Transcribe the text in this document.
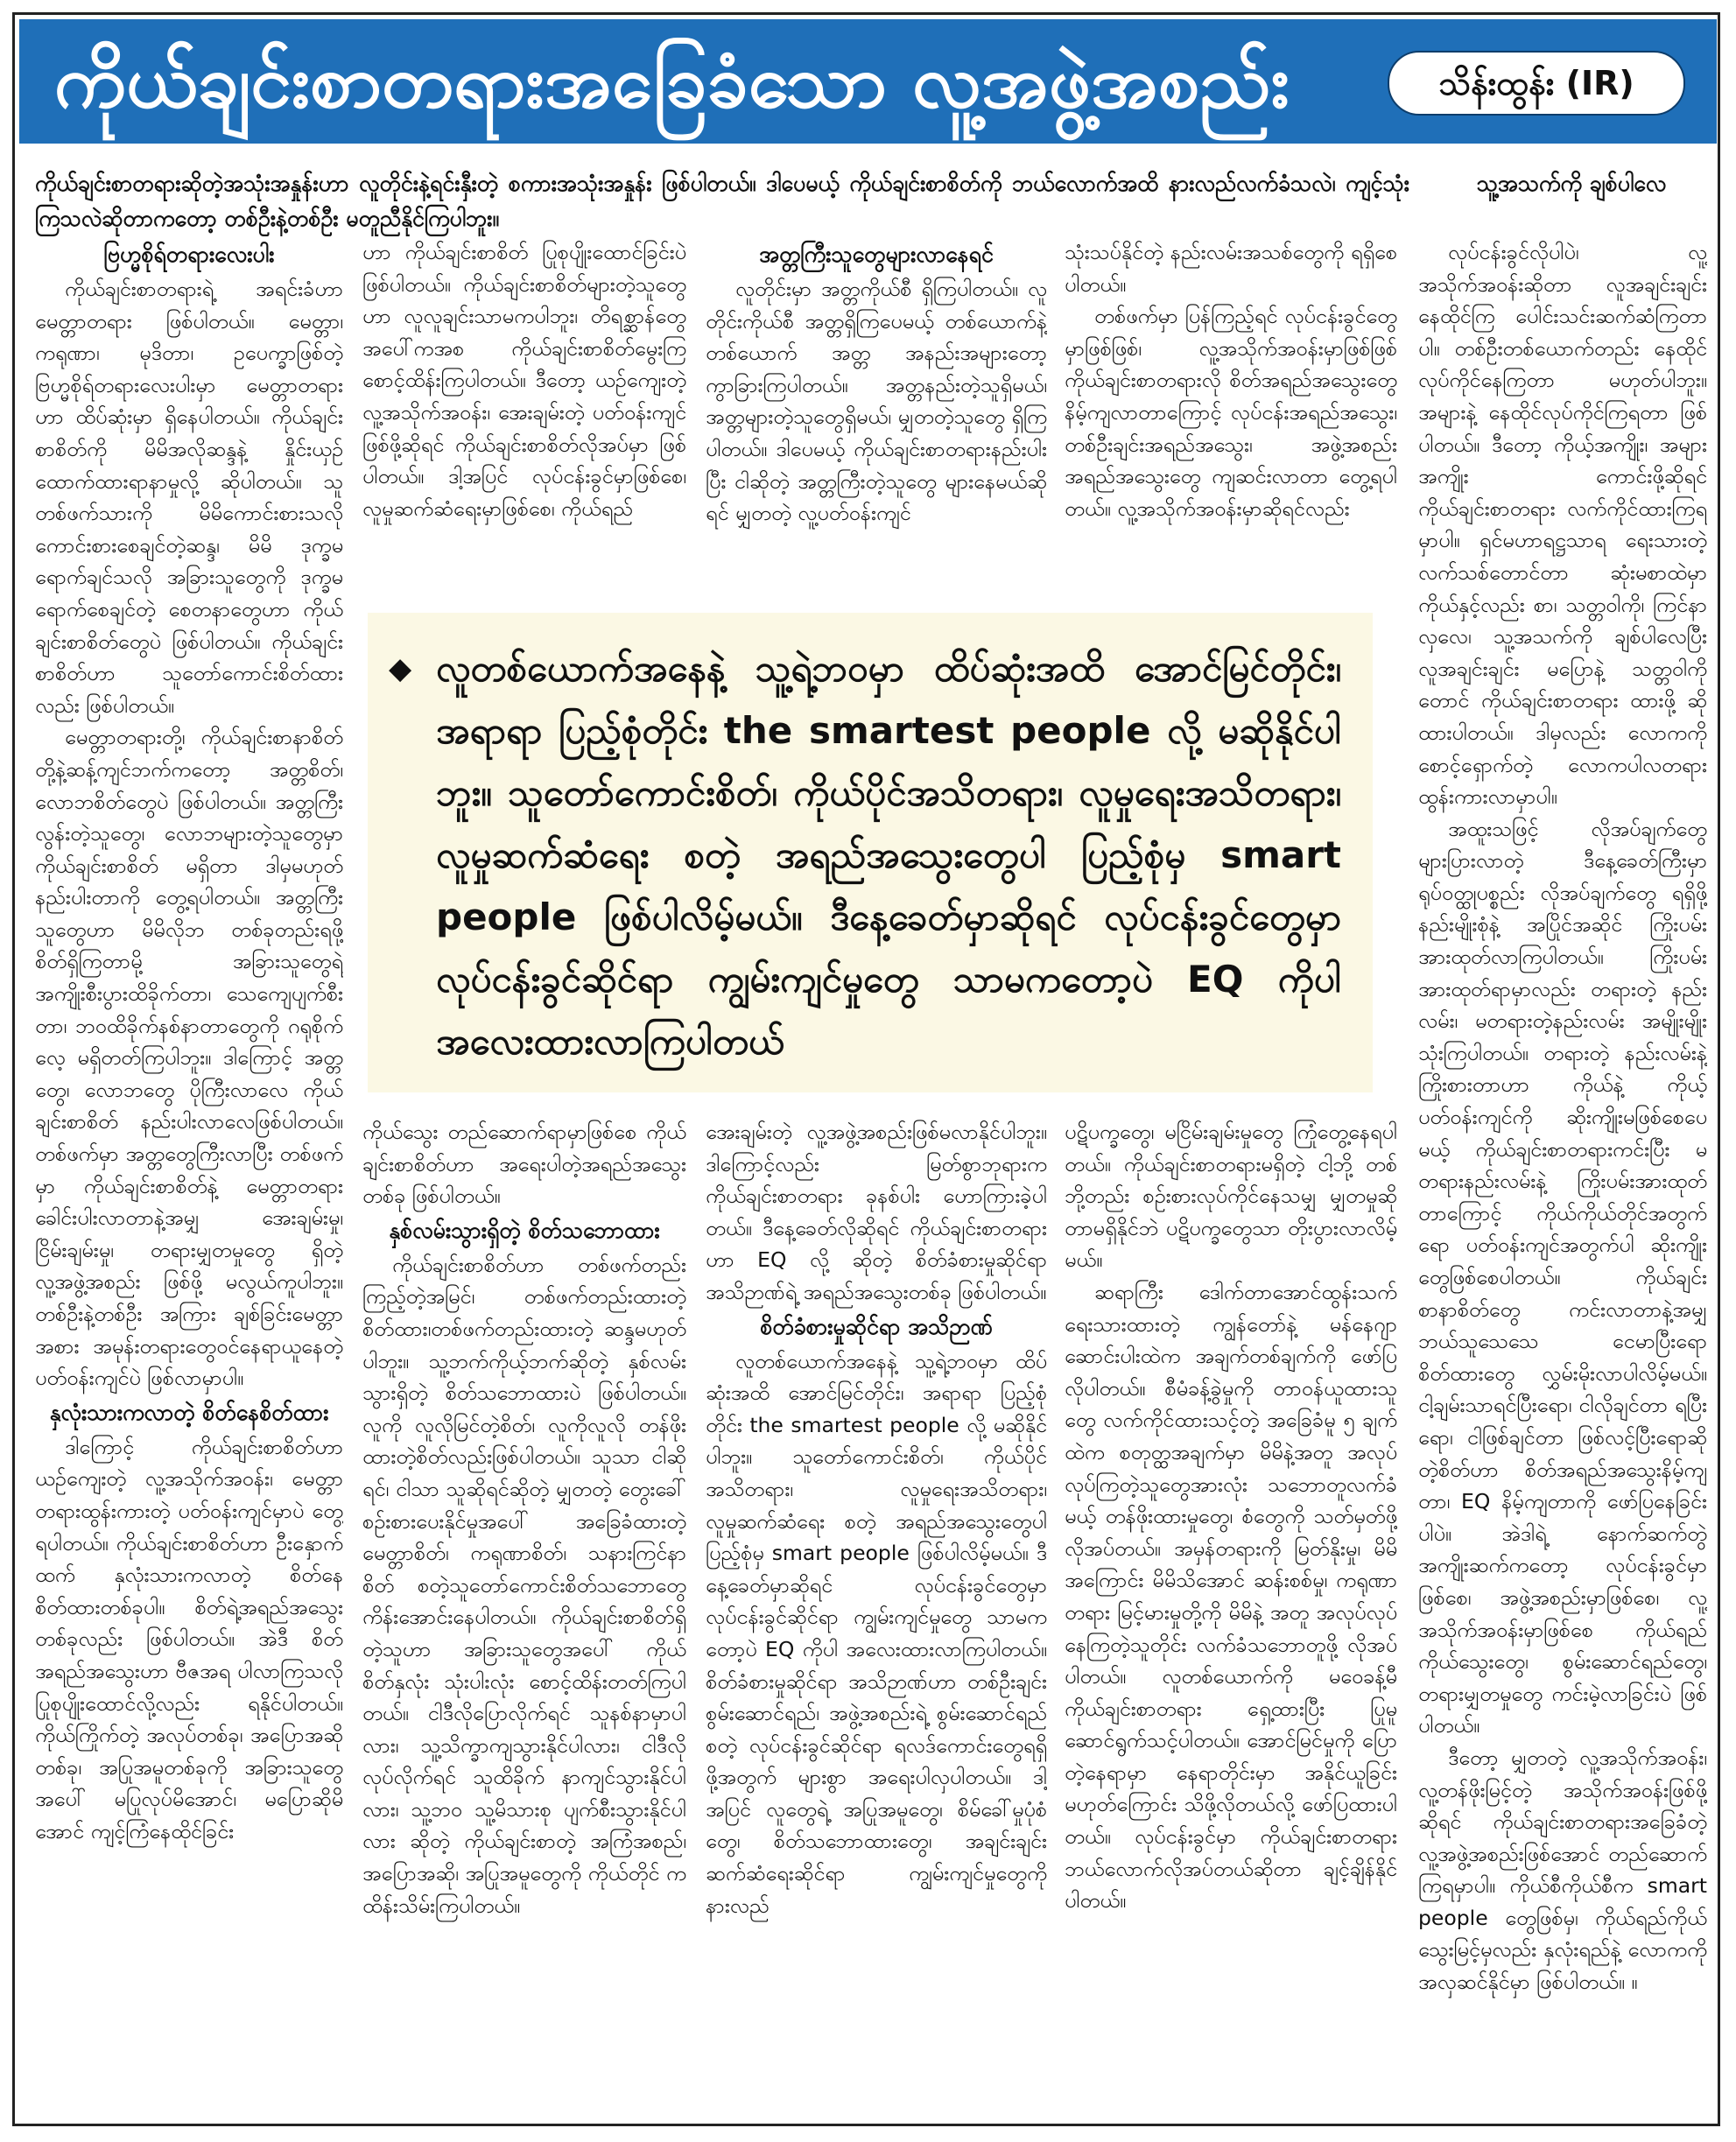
ကိုယ်ချင်းစာတရားအခြေခံသော လူ့အဖွဲ့အစည်း	သိန်းထွန်း (IR)
ကိုယ်ချင်းစာတရားဆိုတဲ့အသုံးအနှုန်းဟာ လူတိုင်းနဲ့ရင်းနှီးတဲ့ စကားအသုံးအနှုန်း ဖြစ်ပါတယ်။ ဒါပေမယ့် ကိုယ်ချင်းစာစိတ်ကို ဘယ်လောက်အထိ နားလည်လက်ခံသလဲ၊ ကျင့်သုံးကြသလဲဆိုတာကတော့ တစ်ဦးနဲ့တစ်ဦး မတူညီနိုင်ကြပါဘူး။
သူ့အသက်ကို ချစ်ပါလေ
ဗြဟ္မစိုရ်တရားလေးပါး

ကိုယ်ချင်းစာတရားရဲ့ အရင်းခံဟာ မေတ္တာတရား ဖြစ်ပါတယ်။ မေတ္တာ၊ ကရုဏာ၊ မုဒိတာ၊ ဥပေက္ခာဖြစ်တဲ့ ဗြဟ္မစိုရ်တရားလေးပါးမှာ မေတ္တာတရားဟာ ထိပ်ဆုံးမှာ ရှိနေပါတယ်။ ကိုယ်ချင်းစာစိတ်ကို မိမိအလိုဆန္ဒနဲ့ နှိုင်းယှဉ်ထောက်ထားရာနာမှုလို့ ဆိုပါတယ်။ သူတစ်ဖက်သားကို မိမိကောင်းစားသလို ကောင်းစားစေချင်တဲ့ဆန္ဒ၊ မိမိ ဒုက္ခမရောက်ချင်သလို အခြားသူတွေကို ဒုက္ခမရောက်စေချင်တဲ့ စေတနာတွေဟာ ကိုယ်ချင်းစာစိတ်တွေပဲ ဖြစ်ပါတယ်။ ကိုယ်ချင်းစာစိတ်ဟာ သူတော်ကောင်းစိတ်ထားလည်း ဖြစ်ပါတယ်။

မေတ္တာတရားတို့၊ ကိုယ်ချင်းစာနာစိတ်တို့နဲ့ဆန့်ကျင်ဘက်ကတော့ အတ္တစိတ်၊ လောဘစိတ်တွေပဲ ဖြစ်ပါတယ်။ အတ္တကြီးလွန်းတဲ့သူတွေ၊ လောဘများတဲ့သူတွေမှာ ကိုယ်ချင်းစာစိတ် မရှိတာ ဒါမှမဟုတ် နည်းပါးတာကို တွေ့ရပါတယ်။ အတ္တကြီး သူတွေဟာ မိမိလိုဘ တစ်ခုတည်းရဖို့စိတ်ရှိကြတာမို့ အခြားသူတွေရဲ့ အကျိုးစီးပွားထိခိုက်တာ၊ သေကျေပျက်စီးတာ၊ ဘဝထိခိုက်နစ်နာတာတွေကို ဂရုစိုက်လေ့ မရှိတတ်ကြပါဘူး။ ဒါကြောင့် အတ္တတွေ၊ လောဘတွေ ပိုကြီးလာလေ ကိုယ်ချင်းစာစိတ် နည်းပါးလာလေဖြစ်ပါတယ်။ တစ်ဖက်မှာ အတ္တတွေကြီးလာပြီး တစ်ဖက်မှာ ကိုယ်ချင်းစာစိတ်နဲ့ မေတ္တာတရား ခေါင်းပါးလာတာနဲ့အမျှ အေးချမ်းမှု၊ ငြိမ်းချမ်းမှု၊ တရားမျှတမှုတွေ ရှိတဲ့ လူ့အဖွဲ့အစည်း ဖြစ်ဖို့ မလွယ်ကူပါဘူး။ တစ်ဦးနဲ့တစ်ဦး အကြား ချစ်ခြင်းမေတ္တာအစား အမုန်းတရားတွေဝင်နေရာယူနေတဲ့ ပတ်ဝန်းကျင်ပဲ ဖြစ်လာမှာပါ။

နှလုံးသားကလာတဲ့ စိတ်နေစိတ်ထား

ဒါကြောင့် ကိုယ်ချင်းစာစိတ်ဟာ ယဉ်ကျေးတဲ့ လူ့အသိုက်အဝန်း၊ မေတ္တာတရားထွန်းကားတဲ့ ပတ်ဝန်းကျင်မှာပဲ တွေ့ရပါတယ်။ ကိုယ်ချင်းစာစိတ်ဟာ ဦးနှောက်ထက် နှလုံးသားကလာတဲ့ စိတ်နေစိတ်ထားတစ်ခုပါ။ စိတ်ရဲ့အရည်အသွေးတစ်ခုလည်း ဖြစ်ပါတယ်။ အဲဒီ စိတ်အရည်အသွေးဟာ ဗီဇအရ ပါလာကြသလို ပြုစုပျိုးထောင်လို့လည်း ရနိုင်ပါတယ်။ ကိုယ်ကြိုက်တဲ့ အလုပ်တစ်ခု၊ အပြောအဆိုတစ်ခု၊ အပြုအမူတစ်ခုကို အခြားသူတွေအပေါ် မပြုလုပ်မိအောင်၊ မပြောဆိုမိအောင် ကျင့်ကြံနေထိုင်ခြင်း

ဟာ ကိုယ်ချင်းစာစိတ် ပြုစုပျိုးထောင်ခြင်းပဲဖြစ်ပါတယ်။ ကိုယ်ချင်းစာစိတ်များတဲ့သူတွေဟာ လူလူချင်းသာမကပါဘူး၊ တိရစ္ဆာန်တွေအပေါ်ကအစ ကိုယ်ချင်းစာစိတ်မွေးကြ စောင့်ထိန်းကြပါတယ်။ ဒီတော့ ယဉ်ကျေးတဲ့ လူ့အသိုက်အဝန်း၊ အေးချမ်းတဲ့ ပတ်ဝန်းကျင်ဖြစ်ဖို့ဆိုရင် ကိုယ်ချင်းစာစိတ်လိုအပ်မှာ ဖြစ်ပါတယ်။ ဒါ့အပြင် လုပ်ငန်းခွင်မှာဖြစ်စေ၊ လူမှုဆက်ဆံရေးမှာဖြစ်စေ၊ ကိုယ်ရည်

အတ္တကြီးသူတွေများလာနေရင်

လူတိုင်းမှာ အတ္တကိုယ်စီ ရှိကြပါတယ်။ လူတိုင်းကိုယ်စီ အတ္တရှိကြပေမယ့် တစ်ယောက်နဲ့တစ်ယောက် အတ္တ အနည်းအများတော့ ကွာခြားကြပါတယ်။ အတ္တနည်းတဲ့သူရှိမယ်၊ အတ္တများတဲ့သူတွေရှိမယ်၊ မျှတတဲ့သူတွေ ရှိကြပါတယ်။ ဒါပေမယ့် ကိုယ်ချင်းစာတရားနည်းပါးပြီး ငါဆိုတဲ့ အတ္တကြီးတဲ့သူတွေ များနေမယ်ဆိုရင် မျှတတဲ့ လူ့ပတ်ဝန်းကျင်

သုံးသပ်နိုင်တဲ့ နည်းလမ်းအသစ်တွေကို ရရှိစေပါတယ်။

တစ်ဖက်မှာ ပြန်ကြည့်ရင် လုပ်ငန်းခွင်တွေမှာဖြစ်ဖြစ်၊ လူ့အသိုက်အဝန်းမှာဖြစ်ဖြစ် ကိုယ်ချင်းစာတရားလို စိတ်အရည်အသွေးတွေ နိမ့်ကျလာတာကြောင့် လုပ်ငန်းအရည်အသွေး၊ တစ်ဦးချင်းအရည်အသွေး၊ အဖွဲ့အစည်းအရည်အသွေးတွေ ကျဆင်းလာတာ တွေ့ရပါတယ်။ လူ့အသိုက်အဝန်းမှာဆိုရင်လည်း

◆ လူတစ်ယောက်အနေနဲ့ သူ့ရဲ့ဘဝမှာ ထိပ်ဆုံးအထိ အောင်မြင်တိုင်း၊ အရာရာ ပြည့်စုံတိုင်း the smartest people လို့ မဆိုနိုင်ပါဘူး။ သူတော်ကောင်းစိတ်၊ ကိုယ်ပိုင်အသိတရား၊ လူမှုရေးအသိတရား၊ လူမှုဆက်ဆံရေး စတဲ့ အရည်အသွေးတွေပါ ပြည့်စုံမှ smart people ဖြစ်ပါလိမ့်မယ်။ ဒီနေ့ခေတ်မှာဆိုရင် လုပ်ငန်းခွင်တွေမှာ လုပ်ငန်းခွင်ဆိုင်ရာ ကျွမ်းကျင်မှုတွေ သာမကတော့ပဲ EQ ကိုပါ အလေးထားလာကြပါတယ်

ကိုယ်သွေး တည်ဆောက်ရာမှာဖြစ်စေ ကိုယ်ချင်းစာစိတ်ဟာ အရေးပါတဲ့အရည်အသွေးတစ်ခု ဖြစ်ပါတယ်။

နှစ်လမ်းသွားရှိတဲ့ စိတ်သဘောထား

ကိုယ်ချင်းစာစိတ်ဟာ တစ်ဖက်တည်းကြည့်တဲ့အမြင်၊ တစ်ဖက်တည်းထားတဲ့စိတ်ထား၊တစ်ဖက်တည်းထားတဲ့ ဆန္ဒမဟုတ်ပါဘူး။ သူ့ဘက်ကိုယ့်ဘက်ဆိုတဲ့ နှစ်လမ်းသွားရှိတဲ့ စိတ်သဘောထားပဲ ဖြစ်ပါတယ်။ လူကို လူလိုမြင်တဲ့စိတ်၊ လူကိုလူလို တန်ဖိုးထားတဲ့စိတ်လည်းဖြစ်ပါတယ်။ သူသာ ငါဆိုရင်၊ ငါသာ သူဆိုရင်ဆိုတဲ့ မျှတတဲ့ တွေးခေါ်စဉ်းစားပေးနိုင်မှုအပေါ် အခြေခံထားတဲ့ မေတ္တာစိတ်၊ ကရုဏာစိတ်၊ သနားကြင်နာစိတ် စတဲ့သူတော်ကောင်းစိတ်သဘောတွေ ကိန်းအောင်းနေပါတယ်။ ကိုယ်ချင်းစာစိတ်ရှိတဲ့သူဟာ အခြားသူတွေအပေါ် ကိုယ်စိတ်နှလုံး သုံးပါးလုံး စောင့်ထိန်းတတ်ကြပါတယ်။ ငါဒီလိုပြောလိုက်ရင် သူနစ်နာမှာပါလား၊ သူ့သိက္ခာကျသွားနိုင်ပါလား၊ ငါဒီလိုလုပ်လိုက်ရင် သူထိခိုက် နာကျင်သွားနိုင်ပါလား၊ သူ့ဘဝ သူ့မိသားစု ပျက်စီးသွားနိုင်ပါလား ဆိုတဲ့ ကိုယ်ချင်းစာတဲ့ အကြံအစည်၊ အပြောအဆို၊ အပြုအမူတွေကို ကိုယ်တိုင် ကထိန်းသိမ်းကြပါတယ်။

အေးချမ်းတဲ့ လူ့အဖွဲ့အစည်းဖြစ်မလာနိုင်ပါဘူး။ ဒါကြောင့်လည်း မြတ်စွာဘုရားက ကိုယ်ချင်းစာတရား ခုနစ်ပါး ဟောကြားခဲ့ပါတယ်။ ဒီနေ့ခေတ်လိုဆိုရင် ကိုယ်ချင်းစာတရားဟာ EQ လို့ ဆိုတဲ့ စိတ်ခံစားမှုဆိုင်ရာ အသိဉာဏ်ရဲ့ အရည်အသွေးတစ်ခု ဖြစ်ပါတယ်။

စိတ်ခံစားမှုဆိုင်ရာ အသိဉာဏ်

လူတစ်ယောက်အနေနဲ့ သူ့ရဲ့ဘဝမှာ ထိပ်ဆုံးအထိ အောင်မြင်တိုင်း၊ အရာရာ ပြည့်စုံတိုင်း the smartest people လို့ မဆိုနိုင်ပါဘူး။ သူတော်ကောင်းစိတ်၊ ကိုယ်ပိုင်အသိတရား၊ လူမှုရေးအသိတရား၊ လူမှုဆက်ဆံရေး စတဲ့ အရည်အသွေးတွေပါ ပြည့်စုံမှ smart people ဖြစ်ပါလိမ့်မယ်။ ဒီနေ့ခေတ်မှာဆိုရင် လုပ်ငန်းခွင်တွေမှာ လုပ်ငန်းခွင်ဆိုင်ရာ ကျွမ်းကျင်မှုတွေ သာမကတော့ပဲ EQ ကိုပါ အလေးထားလာကြပါတယ်။ စိတ်ခံစားမှုဆိုင်ရာ အသိဉာဏ်ဟာ တစ်ဦးချင်းစွမ်းဆောင်ရည်၊ အဖွဲ့အစည်းရဲ့ စွမ်းဆောင်ရည်စတဲ့ လုပ်ငန်းခွင်ဆိုင်ရာ ရလဒ်ကောင်းတွေရရှိဖို့အတွက် များစွာ အရေးပါလှပါတယ်။ ဒါ့အပြင် လူတွေရဲ့ အပြုအမူတွေ၊ စိမ်ခေါ်မှုပုံစံတွေ၊ စိတ်သဘောထားတွေ၊ အချင်းချင်း ဆက်ဆံရေးဆိုင်ရာ ကျွမ်းကျင်မှုတွေကို နားလည်

ပဋိပက္ခတွေ၊ မငြိမ်းချမ်းမှုတွေ ကြုံတွေ့နေရပါတယ်။ ကိုယ်ချင်းစာတရားမရှိတဲ့ ငါ့ဘို့ တစ်ဘို့တည်း စဉ်းစားလုပ်ကိုင်နေသမျှ မျှတမှုဆိုတာမရှိနိုင်ဘဲ ပဋိပက္ခတွေသာ တိုးပွားလာလိမ့်မယ်။

ဆရာကြီး ဒေါက်တာအောင်ထွန်းသက် ရေးသားထားတဲ့ ကျွန်တော်နဲ့ မန်နေဂျာ ဆောင်းပါးထဲက အချက်တစ်ချက်ကို ဖော်ပြလိုပါတယ်။ စီမံခန့်ခွဲမှုကို တာဝန်ယူထားသူတွေ လက်ကိုင်ထားသင့်တဲ့ အခြေခံမူ ၅ ချက်ထဲက စတုတ္ထအချက်မှာ မိမိနဲ့အတူ အလုပ်လုပ်ကြတဲ့သူတွေအားလုံး သဘောတူလက်ခံမယ့် တန်ဖိုးထားမှုတွေ၊ စံတွေကို သတ်မှတ်ဖို့ လိုအပ်တယ်။ အမှန်တရားကို မြတ်နိုးမှု၊ မိမိအကြောင်း မိမိသိအောင် ဆန်းစစ်မှု၊ ကရုဏာတရား မြင့်မားမှုတို့ကို မိမိနဲ့ အတူ အလုပ်လုပ်နေကြတဲ့သူတိုင်း လက်ခံသဘောတူဖို့ လိုအပ်ပါတယ်။ လူတစ်ယောက်ကို မဝေခန့်မီ ကိုယ်ချင်းစာတရား ရှေ့ထားပြီး ပြုမူဆောင်ရွက်သင့်ပါတယ်။ အောင်မြင်မှုကို ပြောတဲ့နေရာမှာ နေရာတိုင်းမှာ အနိုင်ယူခြင်း မဟုတ်ကြောင်း သိဖို့လိုတယ်လို့ ဖော်ပြထားပါတယ်။ လုပ်ငန်းခွင်မှာ ကိုယ်ချင်းစာတရား ဘယ်လောက်လိုအပ်တယ်ဆိုတာ ချင့်ချိန်နိုင်ပါတယ်။

လုပ်ငန်းခွင်လိုပါပဲ၊ လူ့အသိုက်အဝန်းဆိုတာ လူအချင်းချင်းနေထိုင်ကြ ပေါင်းသင်းဆက်ဆံကြတာပါ။ တစ်ဦးတစ်ယောက်တည်း နေထိုင်လုပ်ကိုင်နေကြတာ မဟုတ်ပါဘူး။ အများနဲ့ နေထိုင်လုပ်ကိုင်ကြရတာ ဖြစ်ပါတယ်။ ဒီတော့ ကိုယ့်အကျိုး၊ အများအကျိုး ကောင်းဖို့ဆိုရင် ကိုယ်ချင်းစာတရား လက်ကိုင်ထားကြရမှာပါ။ ရှင်မဟာရဋ္ဌသာရ ရေးသားတဲ့ လက်သစ်တောင်တာ ဆုံးမစာထဲမှာ ကိုယ်နှင့်လည်း စာ၊ သတ္တဝါကို၊ ကြင်နာလှလေ၊ သူ့အသက်ကို ချစ်ပါလေပြီး လူအချင်းချင်း မပြောနဲ့ သတ္တဝါကိုတောင် ကိုယ်ချင်းစာတရား ထားဖို့ ဆိုထားပါတယ်။ ဒါမှလည်း လောကကို စောင့်ရှောက်တဲ့ လောကပါလတရား ထွန်းကားလာမှာပါ။

အထူးသဖြင့် လိုအပ်ချက်တွေ များပြားလာတဲ့ ဒီနေ့ခေတ်ကြီးမှာ ရုပ်ဝတ္ထုပစ္စည်း လိုအပ်ချက်တွေ ရရှိဖို့ နည်းမျိုးစုံနဲ့ အပြိုင်အဆိုင် ကြိုးပမ်းအားထုတ်လာကြပါတယ်။ ကြိုးပမ်းအားထုတ်ရာမှာလည်း တရားတဲ့ နည်းလမ်း၊ မတရားတဲ့နည်းလမ်း အမျိုးမျိုး သုံးကြပါတယ်။ တရားတဲ့ နည်းလမ်းနဲ့ ကြိုးစားတာဟာ ကိုယ်နဲ့ ကိုယ့်ပတ်ဝန်းကျင်ကို ဆိုးကျိုးမဖြစ်စေပေမယ့် ကိုယ်ချင်းစာတရားကင်းပြီး မတရားနည်းလမ်းနဲ့ ကြိုးပမ်းအားထုတ်တာကြောင့် ကိုယ်ကိုယ်တိုင်အတွက်ရော ပတ်ဝန်းကျင်အတွက်ပါ ဆိုးကျိုးတွေဖြစ်စေပါတယ်။ ကိုယ်ချင်းစာနာစိတ်တွေ ကင်းလာတာနဲ့အမျှ ဘယ်သူသေသေ ငေမာပြီးရော စိတ်ထားတွေ လွှမ်းမိုးလာပါလိမ့်မယ်။ ငါ့ချမ်းသာရင်ပြီးရော၊ ငါလိုချင်တာ ရပြီးရော၊ ငါဖြစ်ချင်တာ ဖြစ်လင့်ပြီးရောဆိုတဲ့စိတ်ဟာ စိတ်အရည်အသွေးနိမ့်ကျတာ၊ EQ နိမ့်ကျတာကို ဖော်ပြနေခြင်းပါပဲ။ အဲဒါရဲ့ နောက်ဆက်တွဲအကျိုးဆက်ကတော့ လုပ်ငန်းခွင်မှာ ဖြစ်စေ၊ အဖွဲ့အစည်းမှာဖြစ်စေ၊ လူ့အသိုက်အဝန်းမှာဖြစ်စေ ကိုယ်ရည်ကိုယ်သွေးတွေ၊ စွမ်းဆောင်ရည်တွေ၊ တရားမျှတမှုတွေ ကင်းမဲ့လာခြင်းပဲ ဖြစ်ပါတယ်။

ဒီတော့ မျှတတဲ့ လူ့အသိုက်အဝန်း၊ လူ့တန်ဖိုးမြင့်တဲ့ အသိုက်အဝန်းဖြစ်ဖို့ ဆိုရင် ကိုယ်ချင်းစာတရားအခြေခံတဲ့ လူ့အဖွဲ့အစည်းဖြစ်အောင် တည်ဆောက်ကြရမှာပါ။ ကိုယ်စီကိုယ်စီက smart people တွေဖြစ်မှ၊ ကိုယ်ရည်ကိုယ်သွေးမြင့်မှလည်း နှလုံးရည်နဲ့ လောကကို အလှဆင်နိုင်မှာ ဖြစ်ပါတယ်။ ။
